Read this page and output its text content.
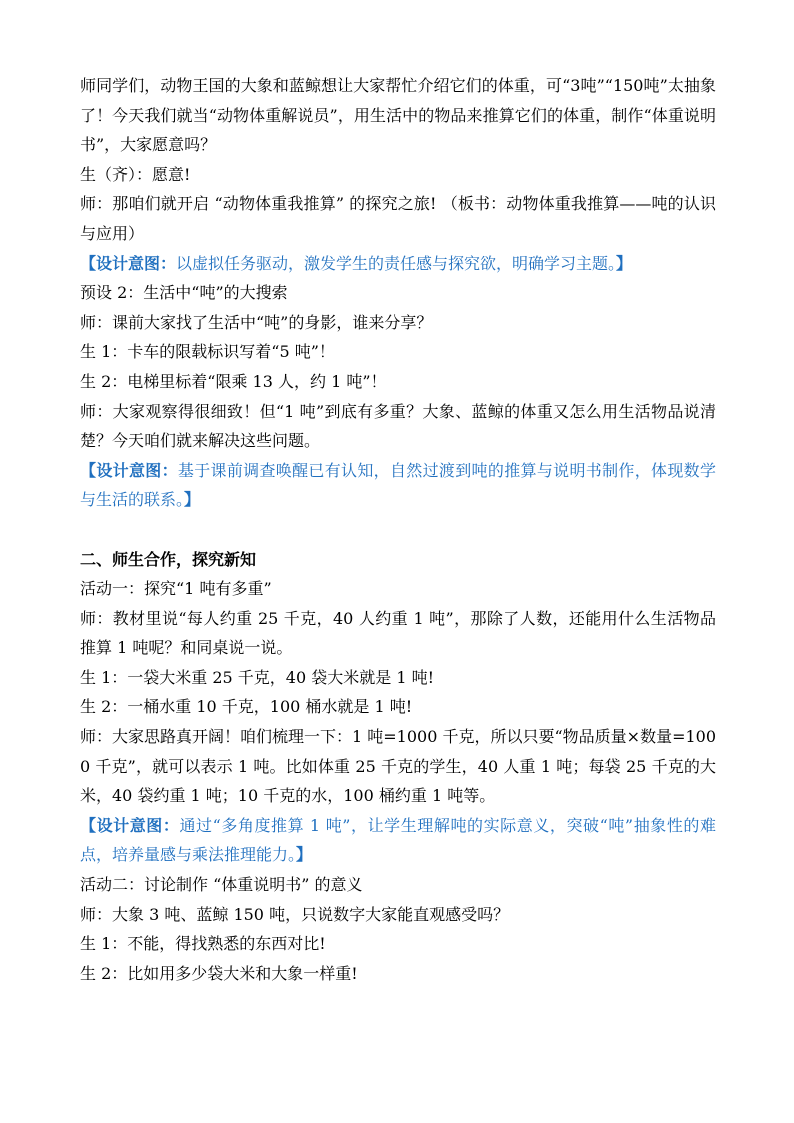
师同学们，动物王国的大象和蓝鲸想让大家帮忙介绍它们的体重，可“3吨”“150吨”太抽象了！今天我们就当“动物体重解说员”，用生活中的物品来推算它们的体重，制作“体重说明书”，大家愿意吗？

生（齐）：愿意!

师：那咱们就开启 “动物体重我推算” 的探究之旅! （板书：动物体重我推算——吨的认识与应用）

【设计意图：以虚拟任务驱动，激发学生的责任感与探究欲，明确学习主题。】

预设 2：生活中“吨”的大搜索

师：课前大家找了生活中“吨”的身影，谁来分享？

生 1：卡车的限载标识写着“5 吨”！

生 2：电梯里标着“限乘 13 人，约 1 吨”！

师：大家观察得很细致！但“1 吨”到底有多重？大象、蓝鲸的体重又怎么用生活物品说清楚？今天咱们就来解决这些问题。

【设计意图：基于课前调查唤醒已有认知，自然过渡到吨的推算与说明书制作，体现数学与生活的联系。】

二、师生合作，探究新知

活动一：探究“1 吨有多重”

师：教材里说“每人约重 25 千克，40 人约重 1 吨”，那除了人数，还能用什么生活物品推算 1 吨呢？和同桌说一说。

生 1：一袋大米重 25 千克，40 袋大米就是 1 吨!

生 2：一桶水重 10 千克，100 桶水就是 1 吨!

师：大家思路真开阔！咱们梳理一下：1 吨=1000 千克，所以只要“物品质量×数量=1000 千克”，就可以表示 1 吨。比如体重 25 千克的学生，40 人重 1 吨；每袋 25 千克的大米，40 袋约重 1 吨；10 千克的水，100 桶约重 1 吨等。

【设计意图：通过“多角度推算 1 吨”，让学生理解吨的实际意义，突破“吨”抽象性的难点，培养量感与乘法推理能力。】

活动二：讨论制作 “体重说明书” 的意义

师：大象 3 吨、蓝鲸 150 吨，只说数字大家能直观感受吗？

生 1：不能，得找熟悉的东西对比!

生 2：比如用多少袋大米和大象一样重!
